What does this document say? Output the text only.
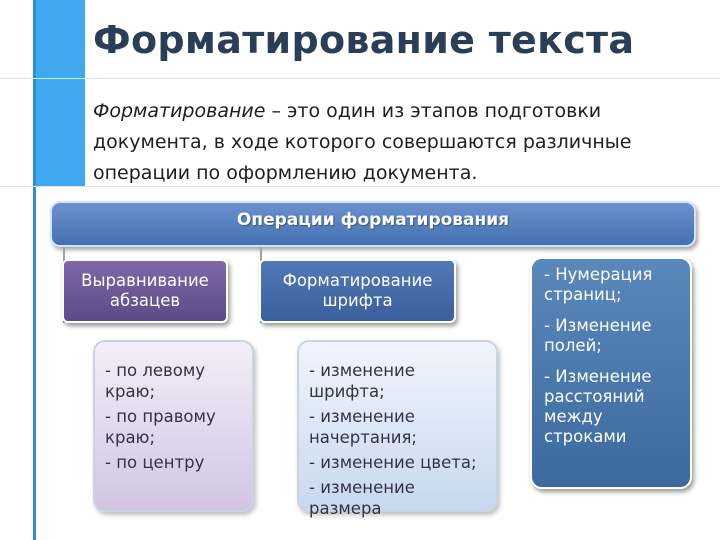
Форматирование текста
Форматирование – это один из этапов подготовки документа, в ходе которого совершаются различные операции по оформлению документа.
Операции форматирования
Выравнивание абзацев
Форматирование шрифта
- по левому краю;
- по правому краю;
- по центру
- изменение шрифта;
- изменение начертания;
- изменение цвета;
- изменение размера
- Нумерация страниц;
- Изменение полей;
- Изменение расстояний между строками
